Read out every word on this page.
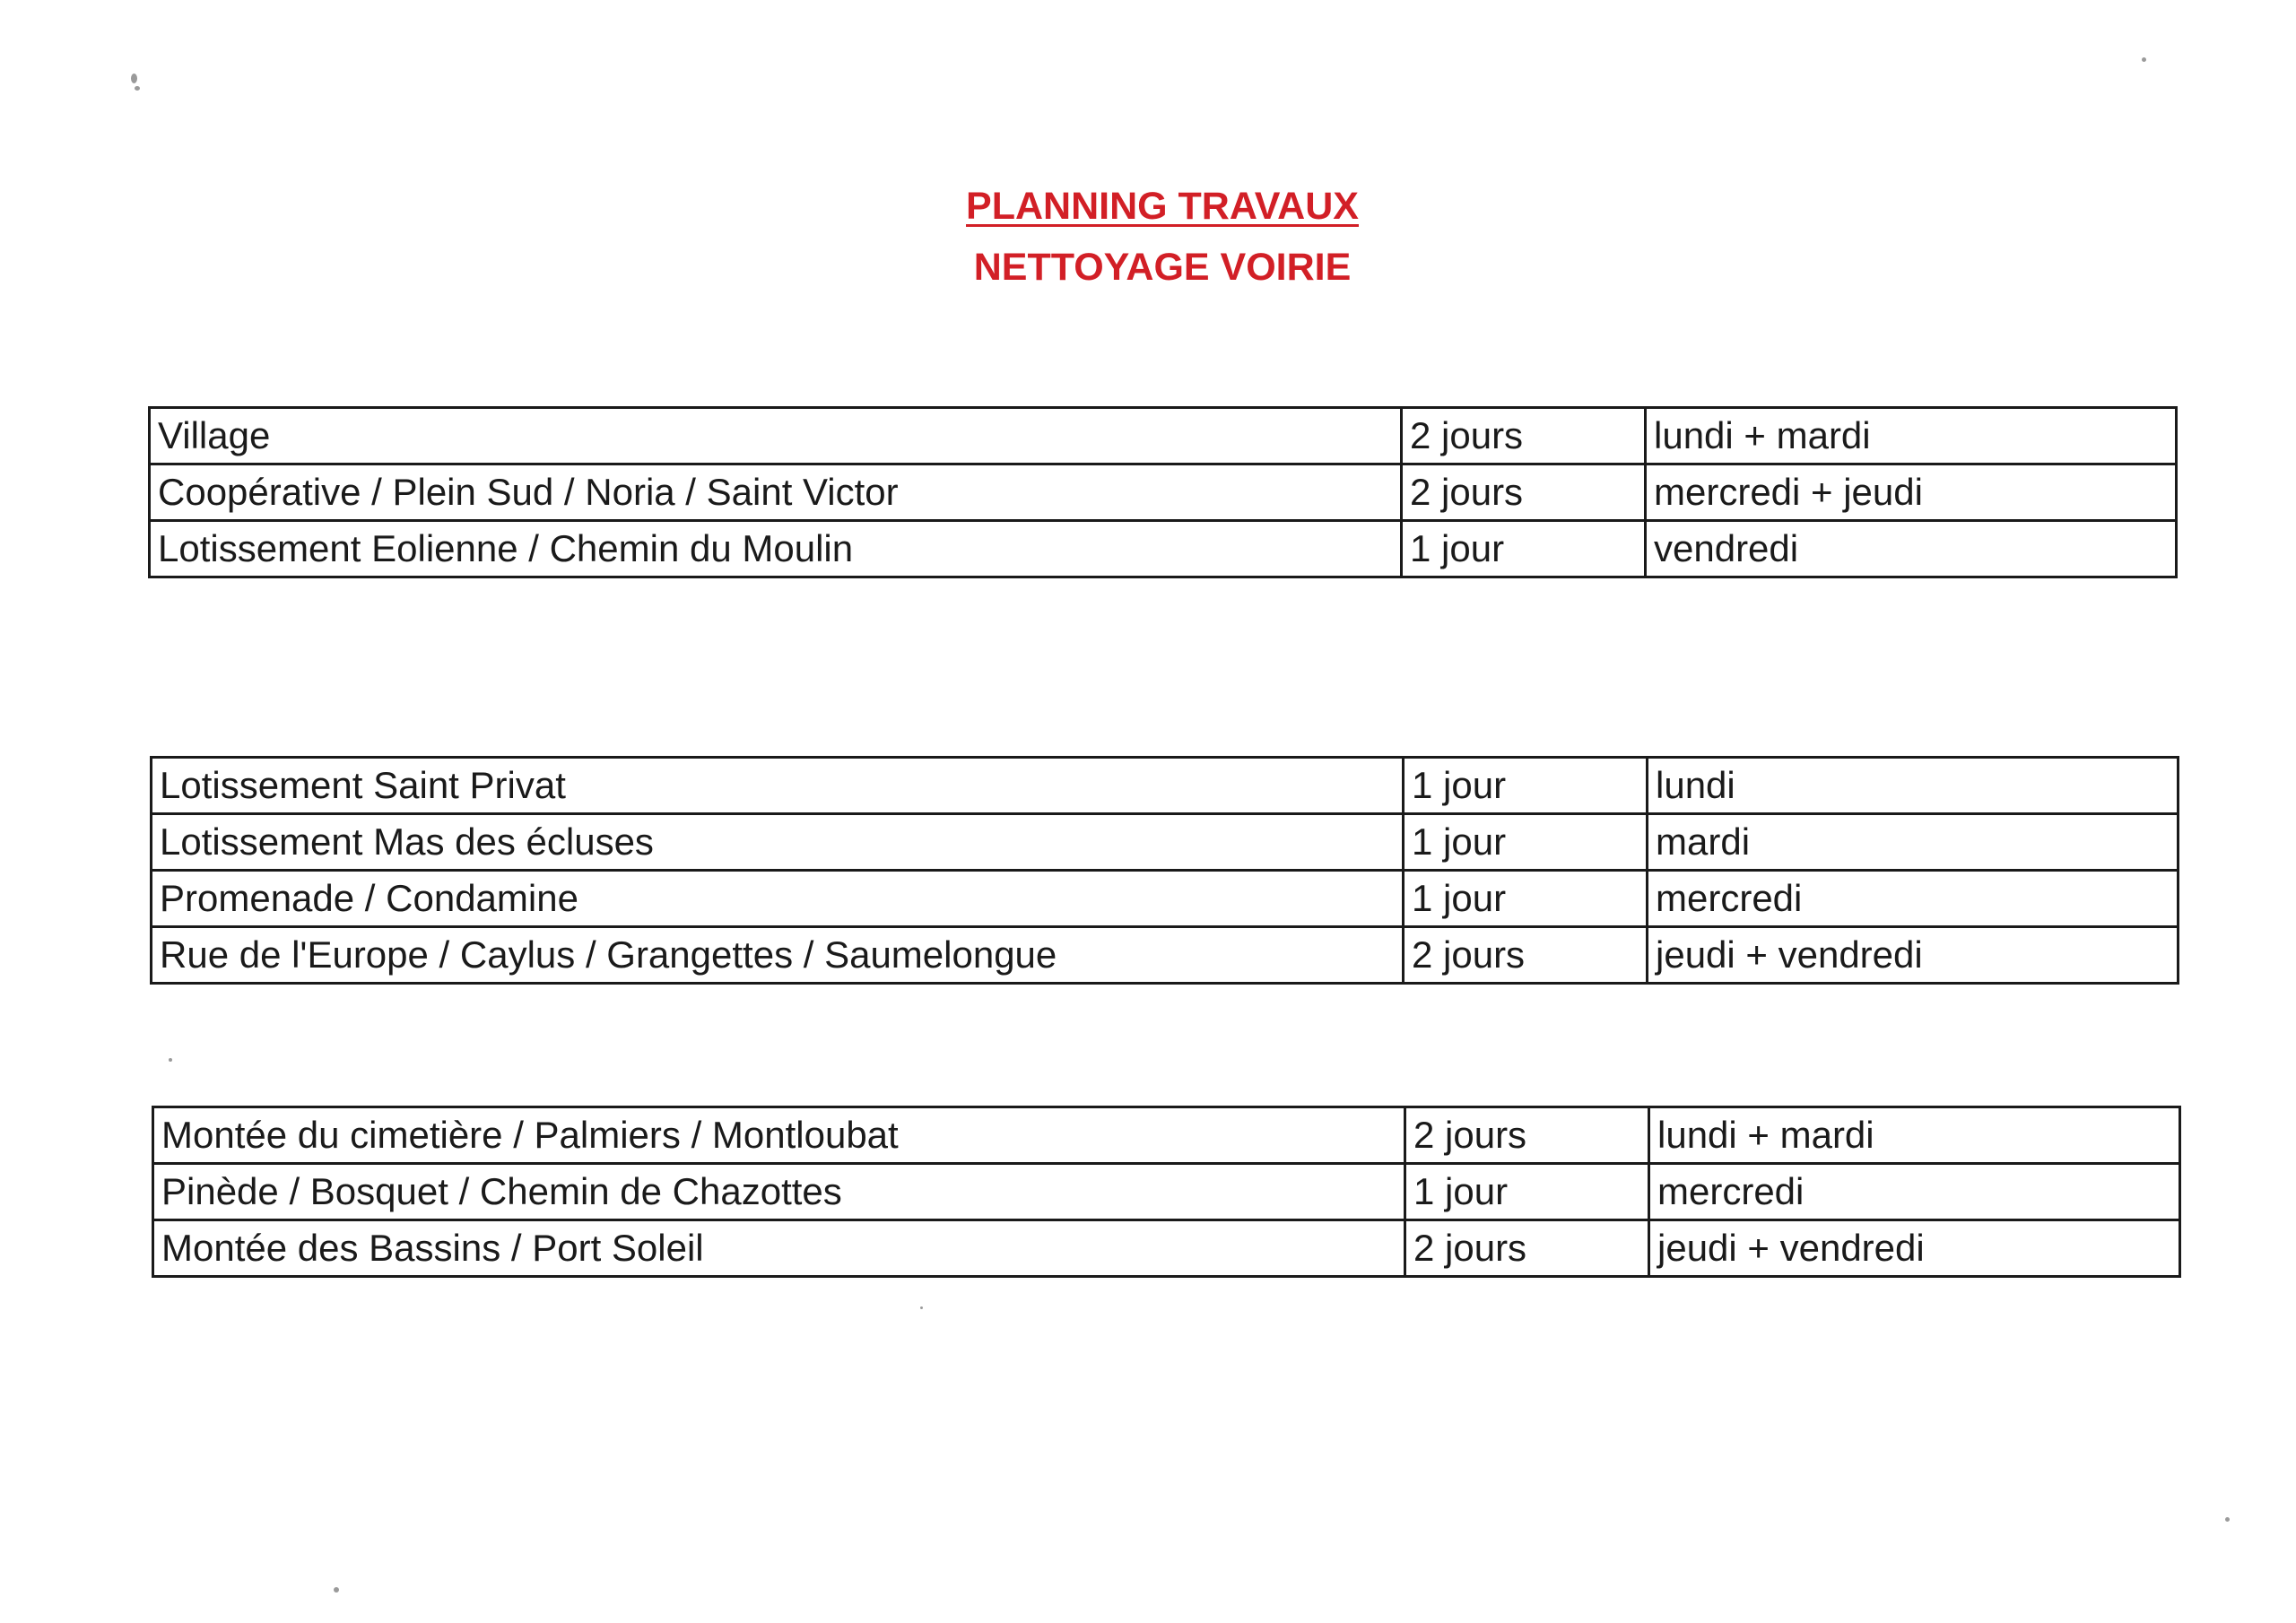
PLANNING TRAVAUX
NETTOYAGE VOIRIE
Village	2 jours	lundi + mardi
Coopérative / Plein Sud / Noria / Saint Victor	2 jours	mercredi + jeudi
Lotissement Eolienne / Chemin du Moulin	1 jour	vendredi
Lotissement Saint Privat	1 jour	lundi
Lotissement Mas des écluses	1 jour	mardi
Promenade / Condamine	1 jour	mercredi
Rue de l'Europe / Caylus / Grangettes / Saumelongue	2 jours	jeudi + vendredi
Montée du cimetière / Palmiers / Montloubat	2 jours	lundi + mardi
Pinède / Bosquet / Chemin de Chazottes	1 jour	mercredi
Montée des Bassins / Port Soleil	2 jours	jeudi + vendredi
